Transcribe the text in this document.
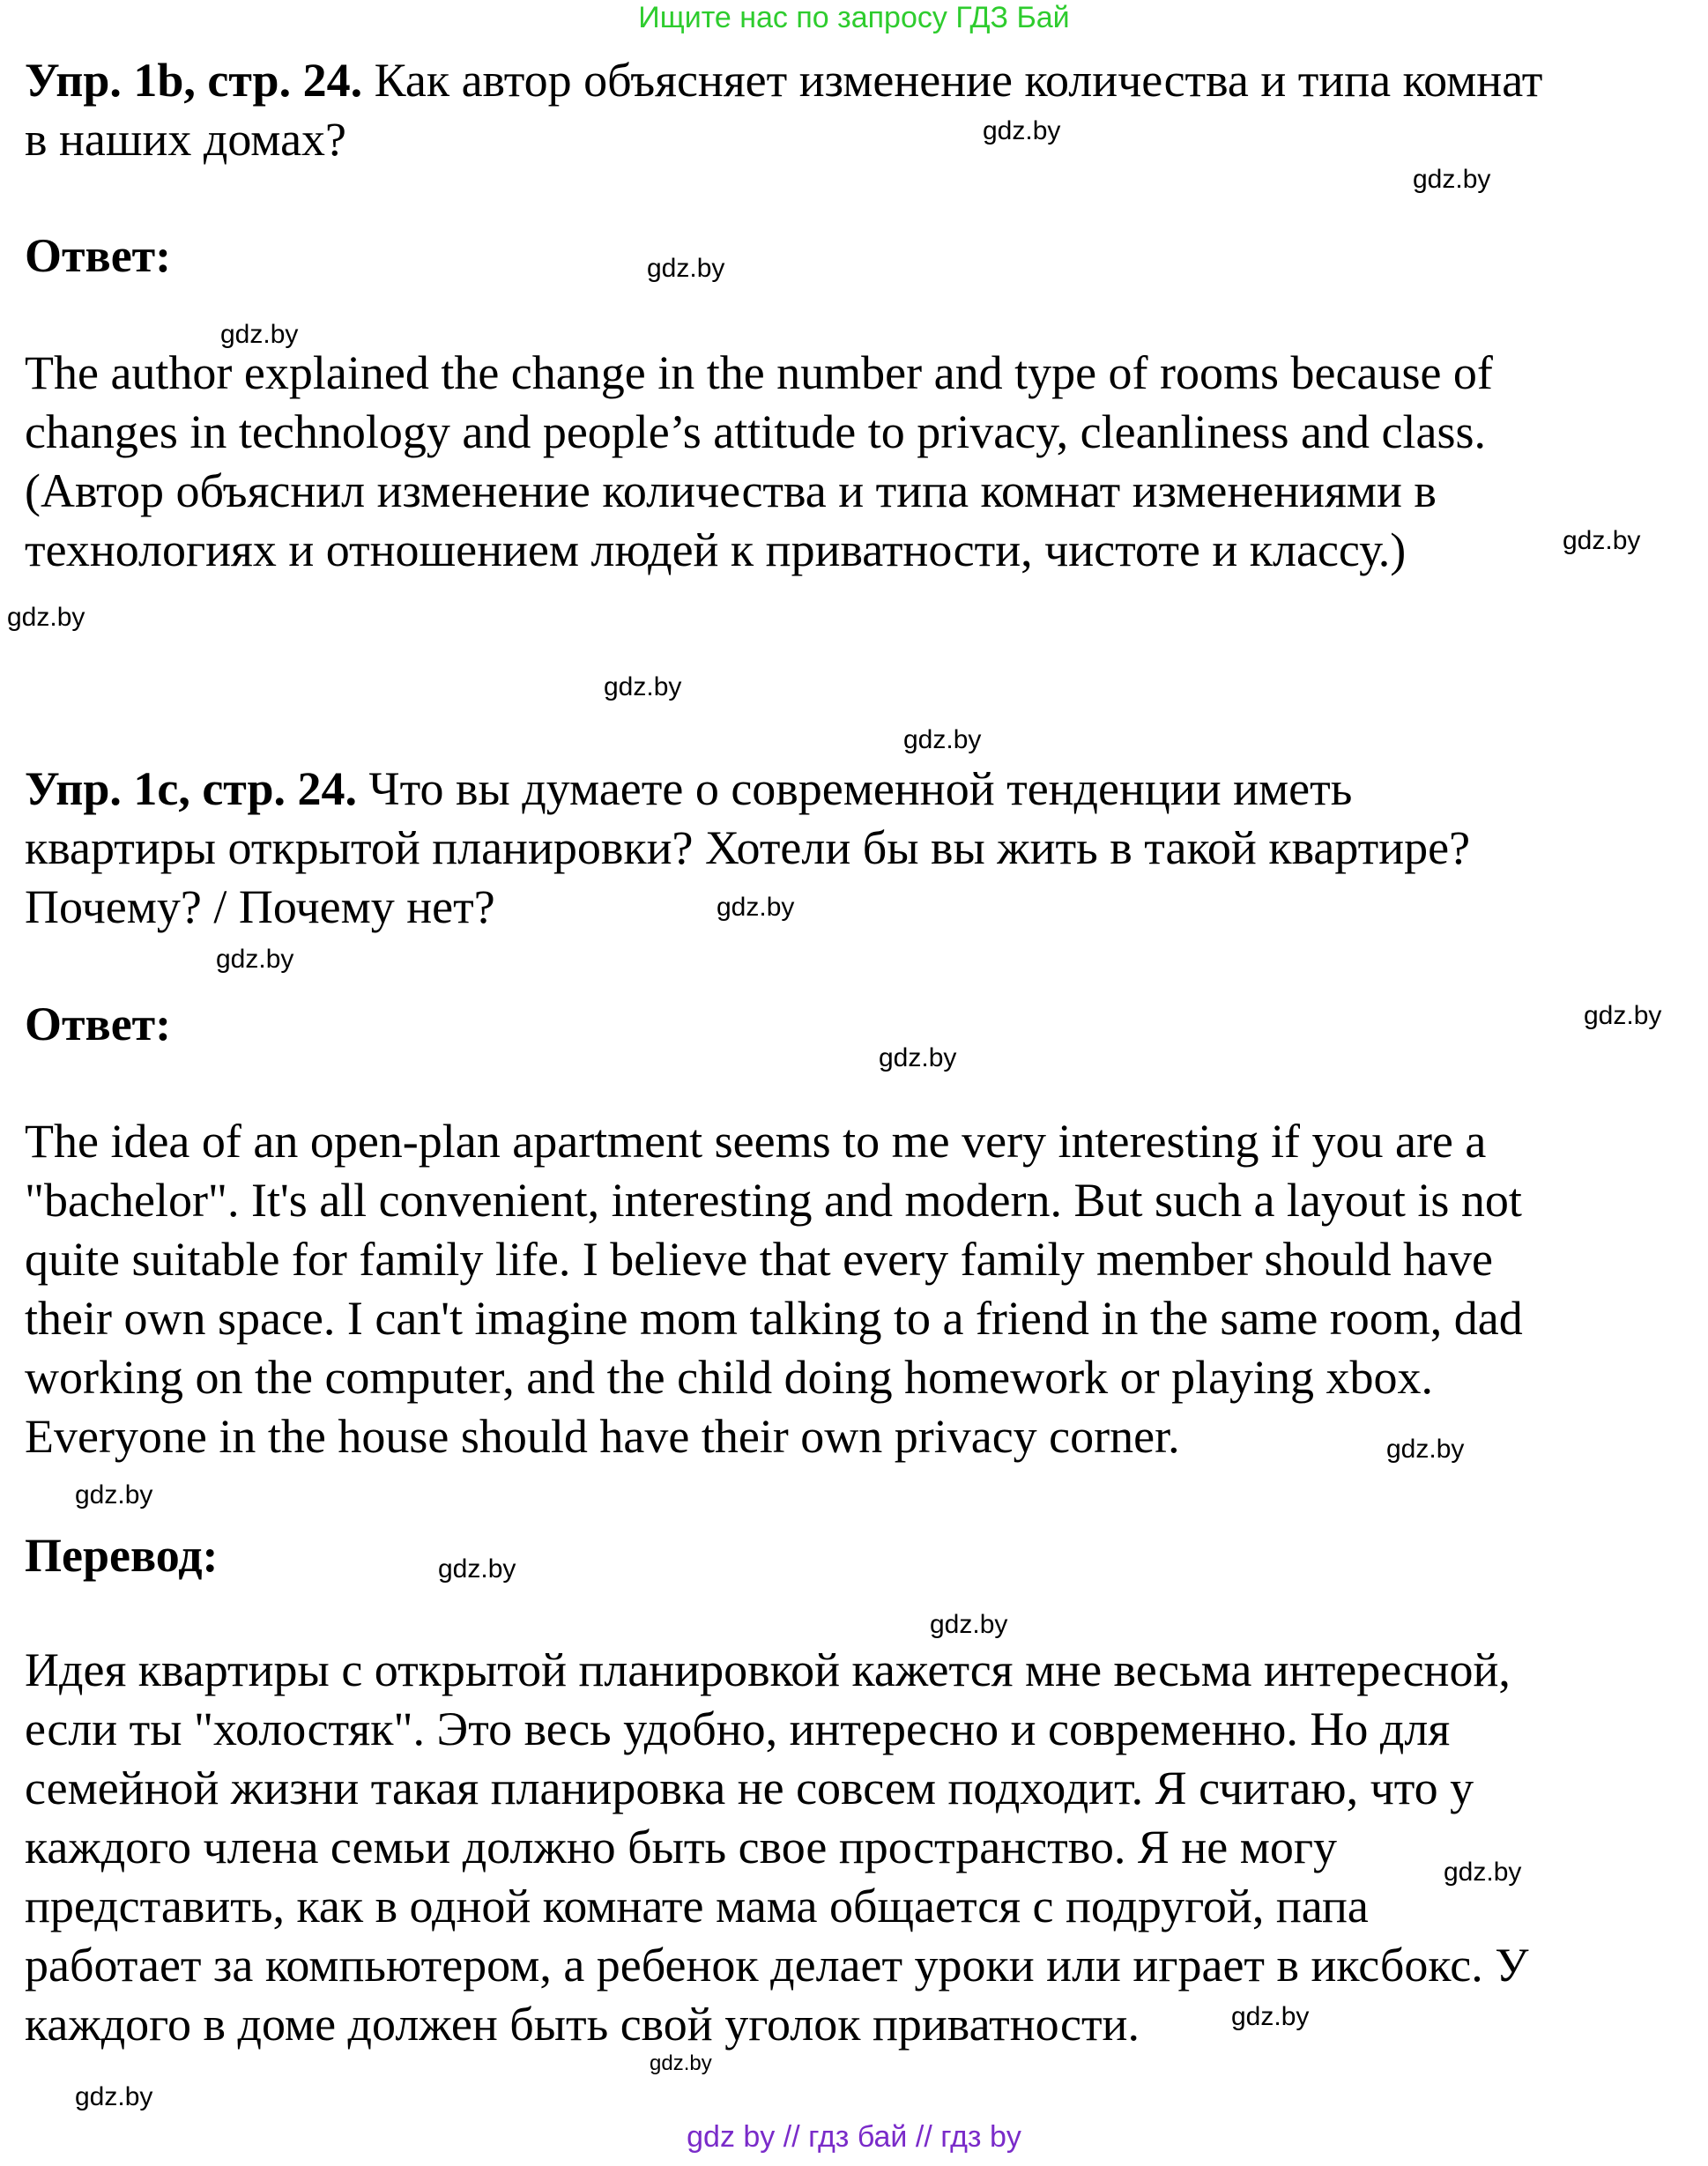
Ищите нас по запросу ГДЗ Бай
Упр. 1b, стр. 24. Как автор объясняет изменение количества и типа комнат
в наших домах?
Ответ:
The author explained the change in the number and type of rooms because of
changes in technology and people’s attitude to privacy, cleanliness and class.
(Автор объяснил изменение количества и типа комнат изменениями в
технологиях и отношением людей к приватности, чистоте и классу.)
Упр. 1c, стр. 24. Что вы думаете о современной тенденции иметь
квартиры открытой планировки? Хотели бы вы жить в такой квартире?
Почему? / Почему нет?
Ответ:
The idea of an open-plan apartment seems to me very interesting if you are a
"bachelor". It's all convenient, interesting and modern. But such a layout is not
quite suitable for family life. I believe that every family member should have
their own space. I can't imagine mom talking to a friend in the same room, dad
working on the computer, and the child doing homework or playing xbox.
Everyone in the house should have their own privacy corner.
Перевод:
Идея квартиры с открытой планировкой кажется мне весьма интересной,
если ты "холостяк". Это весь удобно, интересно и современно. Но для
семейной жизни такая планировка не совсем подходит. Я считаю, что у
каждого члена семьи должно быть свое пространство. Я не могу
представить, как в одной комнате мама общается с подругой, папа
работает за компьютером, а ребенок делает уроки или играет в иксбокс. У
каждого в доме должен быть свой уголок приватности.
gdz.by
gdz.by
gdz.by
gdz.by
gdz.by
gdz.by
gdz.by
gdz.by
gdz.by
gdz.by
gdz.by
gdz.by
gdz.by
gdz.by
gdz.by
gdz.by
gdz.by
gdz.by
gdz.by
gdz.by
gdz by // гдз бай // гдз by
